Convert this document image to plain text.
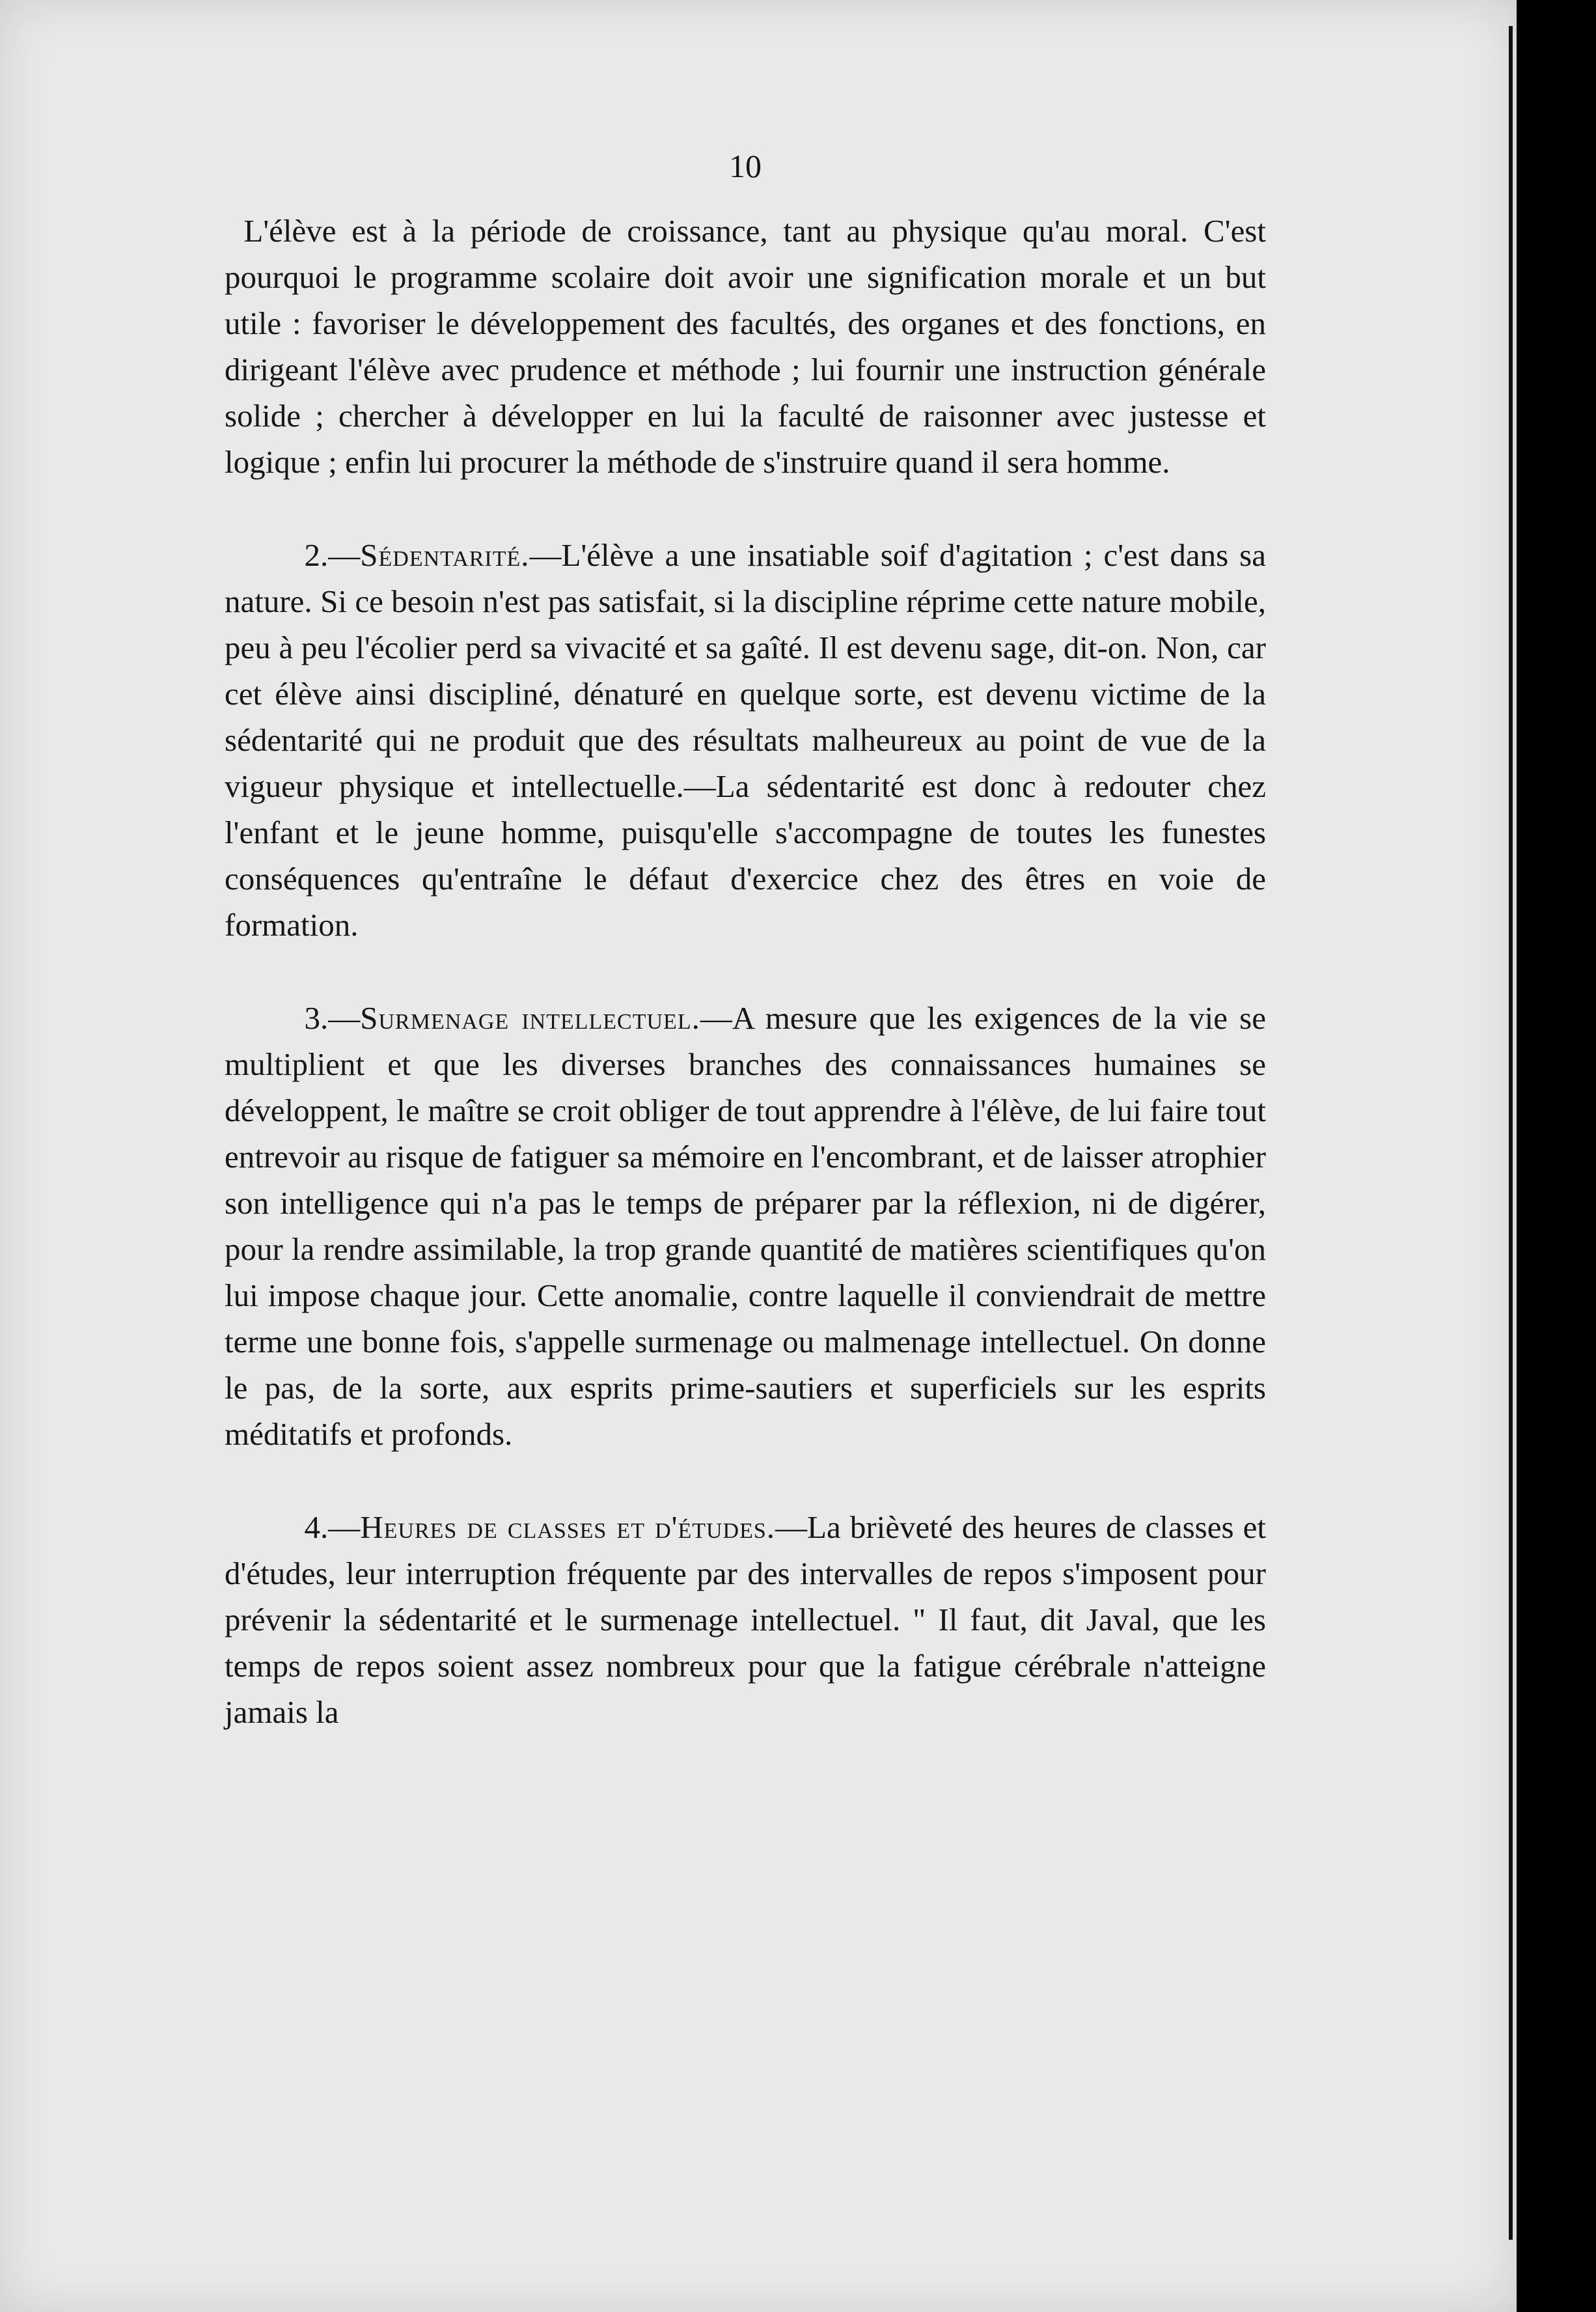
10

L'élève est à la période de croissance, tant au physique qu'au moral. C'est pourquoi le programme scolaire doit avoir une signification morale et un but utile : favoriser le développement des facultés, des organes et des fonctions, en dirigeant l'élève avec prudence et méthode ; lui fournir une instruction générale solide ; chercher à développer en lui la faculté de raisonner avec justesse et logique ; enfin lui procurer la méthode de s'instruire quand il sera homme.

2.—Sédentarité.—L'élève a une insatiable soif d'agitation ; c'est dans sa nature. Si ce besoin n'est pas satisfait, si la discipline réprime cette nature mobile, peu à peu l'écolier perd sa vivacité et sa gaîté. Il est devenu sage, dit-on. Non, car cet élève ainsi discipliné, dénaturé en quelque sorte, est devenu victime de la sédentarité qui ne produit que des résultats malheureux au point de vue de la vigueur physique et intellectuelle.—La sédentarité est donc à redouter chez l'enfant et le jeune homme, puisqu'elle s'accompagne de toutes les funestes conséquences qu'entraîne le défaut d'exercice chez des êtres en voie de formation.

3.—Surmenage intellectuel.—A mesure que les exigences de la vie se multiplient et que les diverses branches des connaissances humaines se développent, le maître se croit obliger de tout apprendre à l'élève, de lui faire tout entrevoir au risque de fatiguer sa mémoire en l'encombrant, et de laisser atrophier son intelligence qui n'a pas le temps de préparer par la réflexion, ni de digérer, pour la rendre assimilable, la trop grande quantité de matières scientifiques qu'on lui impose chaque jour. Cette anomalie, contre laquelle il conviendrait de mettre terme une bonne fois, s'appelle surmenage ou malmenage intellectuel. On donne le pas, de la sorte, aux esprits prime-sautiers et superficiels sur les esprits méditatifs et profonds.

4.—Heures de classes et d'études.—La brièveté des heures de classes et d'études, leur interruption fréquente par des intervalles de repos s'imposent pour prévenir la sédentarité et le surmenage intellectuel. " Il faut, dit Javal, que les temps de repos soient assez nombreux pour que la fatigue cérébrale n'atteigne jamais la
